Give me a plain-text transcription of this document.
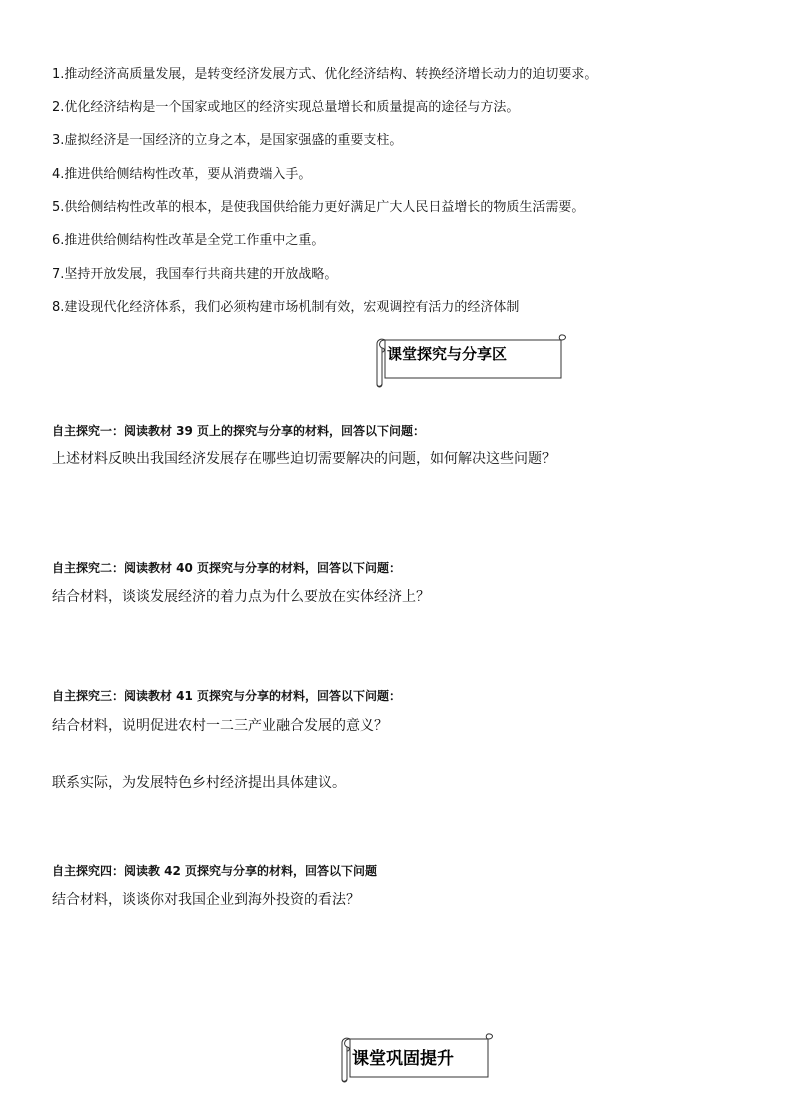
1.推动经济高质量发展，是转变经济发展方式、优化经济结构、转换经济增长动力的迫切要求。
2.优化经济结构是一个国家或地区的经济实现总量增长和质量提高的途径与方法。
3.虚拟经济是一国经济的立身之本，是国家强盛的重要支柱。
4.推进供给侧结构性改革，要从消费端入手。
5.供给侧结构性改革的根本，是使我国供给能力更好满足广大人民日益增长的物质生活需要。
6.推进供给侧结构性改革是全党工作重中之重。
7.坚持开放发展，我国奉行共商共建的开放战略。
8.建设现代化经济体系，我们必须构建市场机制有效，宏观调控有活力的经济体制
课堂探究与分享区
自主探究一：阅读教材 39 页上的探究与分享的材料，回答以下问题：
上述材料反映出我国经济发展存在哪些迫切需要解决的问题，如何解决这些问题？
自主探究二：阅读教材 40 页探究与分享的材料，回答以下问题：
结合材料，谈谈发展经济的着力点为什么要放在实体经济上？
自主探究三：阅读教材 41 页探究与分享的材料，回答以下问题：
结合材料，说明促进农村一二三产业融合发展的意义？
联系实际，为发展特色乡村经济提出具体建议。
自主探究四：阅读教 42 页探究与分享的材料，回答以下问题
结合材料，谈谈你对我国企业到海外投资的看法？
课堂巩固提升
